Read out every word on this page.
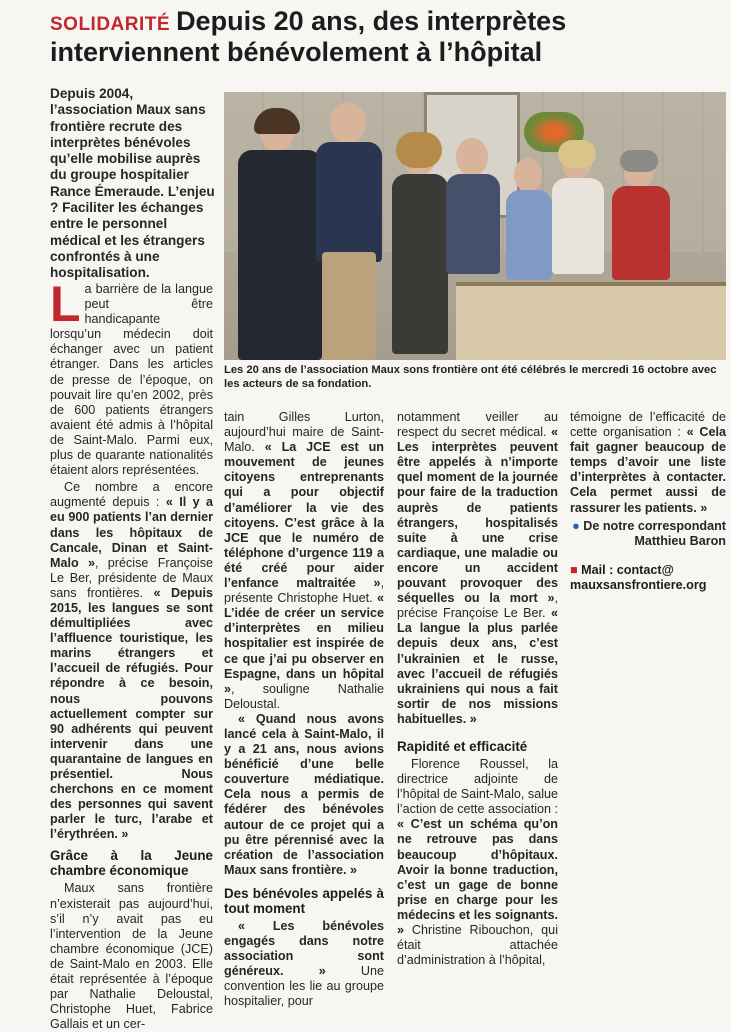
SOLIDARITÉ Depuis 20 ans, des interprètes interviennent bénévolement à l’hôpital
Depuis 2004, l’association Maux sans frontière recrute des interprètes bénévoles qu’elle mobilise auprès du groupe hospitalier Rance Émeraude. L’enjeu ? Faciliter les échanges entre le personnel médical et les étrangers confrontés à une hospitalisation.
Les 20 ans de l’association Maux sons frontière ont été célébrés le mercredi 16 octobre avec les acteurs de sa fondation.

La barrière de la langue peut être handicapante lorsqu’un médecin doit échanger avec un patient étranger. Dans les articles de presse de l’époque, on pouvait lire qu’en 2002, près de 600 patients étrangers avaient été admis à l’hôpital de Saint-Malo. Parmi eux, plus de quarante nationalités étaient alors représentées.

Ce nombre a encore augmenté depuis : « Il y a eu 900 patients l’an dernier dans les hôpitaux de Cancale, Dinan et Saint-Malo », précise Françoise Le Ber, présidente de Maux sans frontières. « Depuis 2015, les langues se sont démultipliées avec l’affluence touristique, les marins étrangers et l’accueil de réfugiés. Pour répondre à ce besoin, nous pouvons actuellement compter sur 90 adhérents qui peuvent intervenir dans une quarantaine de langues en présentiel. Nous cherchons en ce moment des personnes qui savent parler le turc, l’arabe et l’érythréen. »

Grâce à la Jeune chambre économique

Maux sans frontière n’existerait pas aujourd’hui, s’il n’y avait pas eu l’intervention de la Jeune chambre économique (JCE) de Saint-Malo en 2003. Elle était représentée à l’époque par Nathalie Deloustal, Christophe Huet, Fabrice Gallais et un cer-

tain Gilles Lurton, aujourd’hui maire de Saint-Malo. « La JCE est un mouvement de jeunes citoyens entreprenants qui a pour objectif d’améliorer la vie des citoyens. C’est grâce à la JCE que le numéro de téléphone d’urgence 119 a été créé pour aider l’enfance maltraitée », présente Christophe Huet. « L’idée de créer un service d’interprètes en milieu hospitalier est inspirée de ce que j’ai pu observer en Espagne, dans un hôpital », souligne Nathalie Deloustal.

« Quand nous avons lancé cela à Saint-Malo, il y a 21 ans, nous avions bénéficié d’une belle couverture médiatique. Cela nous a permis de fédérer des bénévoles autour de ce projet qui a pu être pérennisé avec la création de l’association Maux sans frontière. »

Des bénévoles appelés à tout moment

« Les bénévoles engagés dans notre association sont généreux. » Une convention les lie au groupe hospitalier, pour

notamment veiller au respect du secret médical. « Les interprètes peuvent être appelés à n’importe quel moment de la journée pour faire de la traduction auprès de patients étrangers, hospitalisés suite à une crise cardiaque, une maladie ou encore un accident pouvant provoquer des séquelles ou la mort », précise Françoise Le Ber. « La langue la plus parlée depuis deux ans, c’est l’ukrainien et le russe, avec l’accueil de réfugiés ukrainiens qui nous a fait sortir de nos missions habituelles. »

Rapidité et efficacité

Florence Roussel, la directrice adjointe de l’hôpital de Saint-Malo, salue l’action de cette association : « C’est un schéma qu’on ne retrouve pas dans beaucoup d’hôpitaux. Avoir la bonne traduction, c’est un gage de bonne prise en charge pour les médecins et les soignants. » Christine Ribouchon, qui était attachée d’administration à l’hôpital,

témoigne de l’efficacité de cette organisation : « Cela fait gagner beaucoup de temps d’avoir une liste d’interprètes à contacter. Cela permet aussi de rassurer les patients. »

● De notre correspondant
Matthieu Baron
■ Mail : contact@
mauxsansfrontiere.org
